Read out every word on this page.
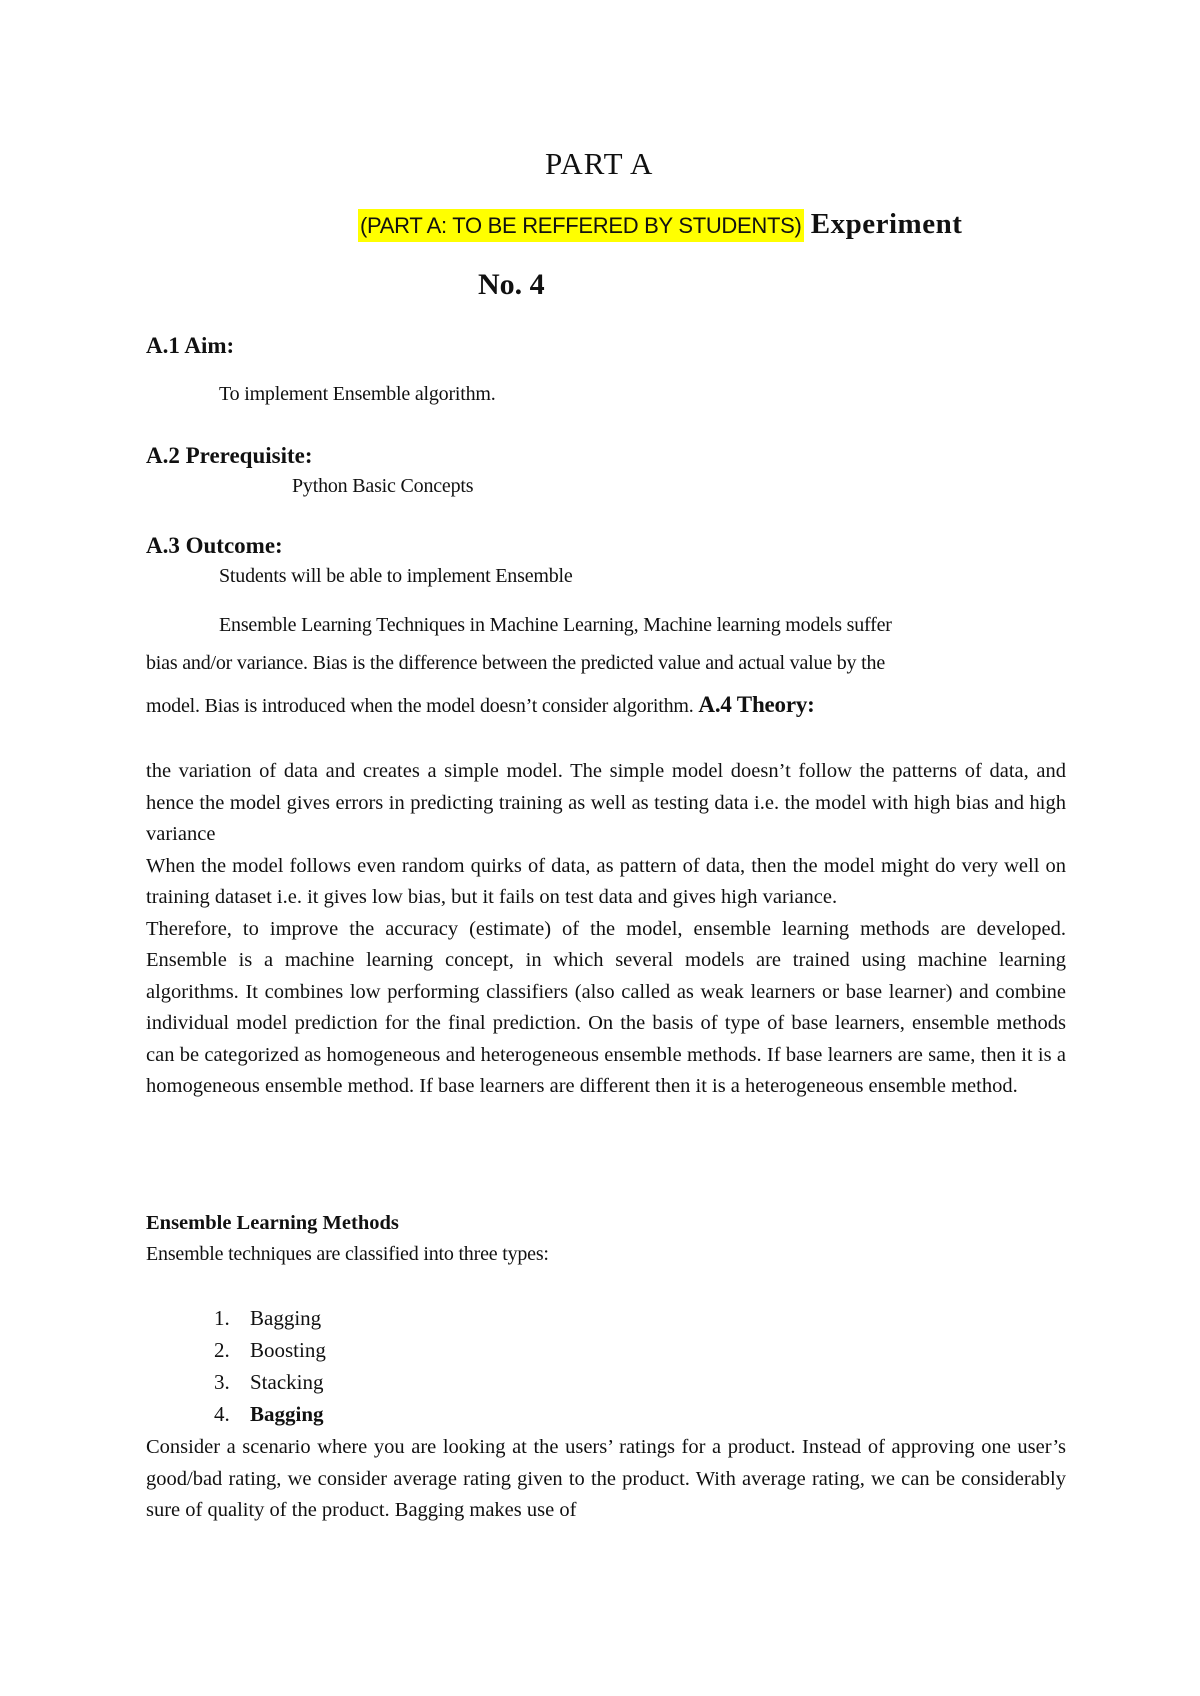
PART A
(PART A: TO BE REFFERED BY STUDENTS) Experiment
No. 4
A.1 Aim:
To implement Ensemble algorithm.
A.2 Prerequisite:
Python Basic Concepts
A.3 Outcome:
Students will be able to implement Ensemble
Ensemble Learning Techniques in Machine Learning, Machine learning models suffer
bias and/or variance. Bias is the difference between the predicted value and actual value by the
model. Bias is introduced when the model doesn’t consider algorithm. A.4 Theory:

the variation of data and creates a simple model. The simple model doesn’t follow the patterns of data, and hence the model gives errors in predicting training as well as testing data i.e. the model with high bias and high variance

When the model follows even random quirks of data, as pattern of data, then the model might do very well on training dataset i.e. it gives low bias, but it fails on test data and gives high variance.

Therefore, to improve the accuracy (estimate) of the model, ensemble learning methods are developed. Ensemble is a machine learning concept, in which several models are trained using machine learning algorithms. It combines low performing classifiers (also called as weak learners or base learner) and combine individual model prediction for the final prediction. On the basis of type of base learners, ensemble methods can be categorized as homogeneous and heterogeneous ensemble methods. If base learners are same, then it is a homogeneous ensemble method. If base learners are different then it is a heterogeneous ensemble method.

Ensemble Learning Methods
Ensemble techniques are classified into three types:
1. Bagging
2. Boosting
3. Stacking
4. Bagging

Consider a scenario where you are looking at the users’ ratings for a product. Instead of approving one user’s good/bad rating, we consider average rating given to the product. With average rating, we can be considerably sure of quality of the product. Bagging makes use of
